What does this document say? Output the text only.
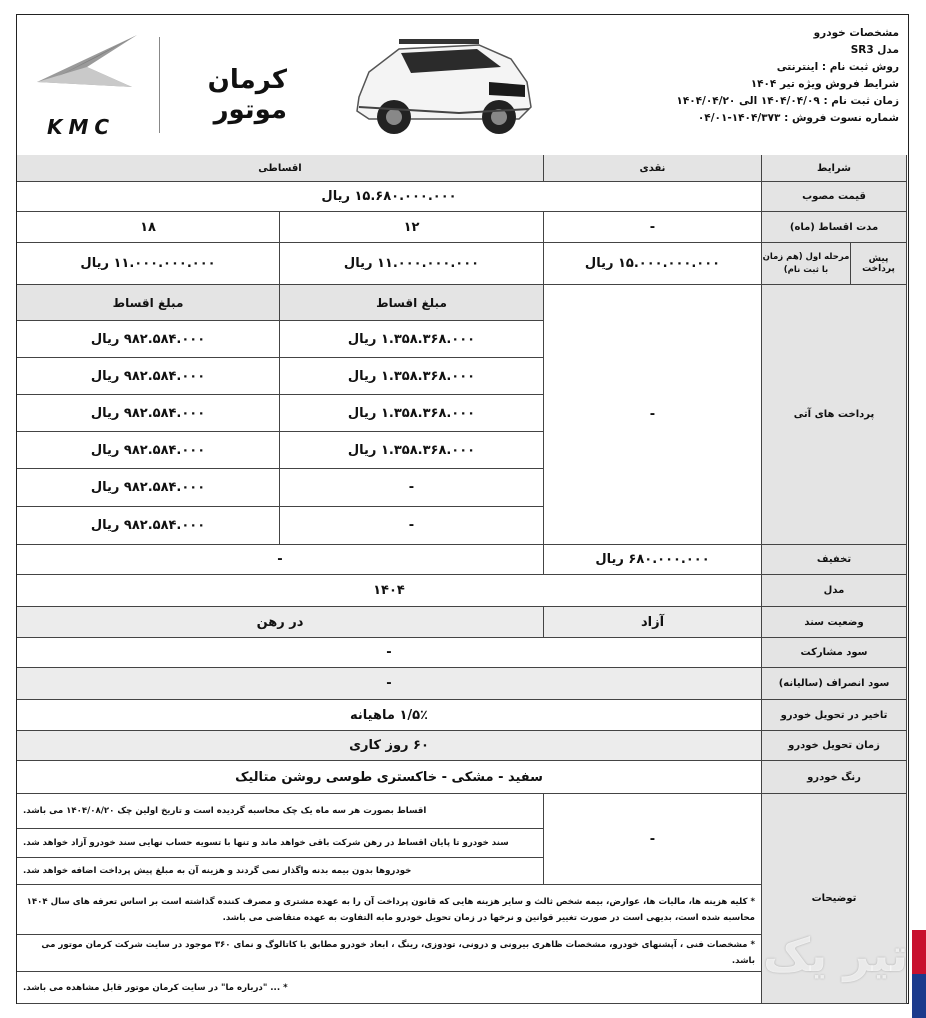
KMC
کرمان موتور
مشخصات خودرو
مدل SR3
روش ثبت نام : اینترنتی
شرایط فروش ویژه تیر ۱۴۰۴
زمان ثبت نام : ۱۴۰۴/۰۴/۰۹ الی ۱۴۰۴/۰۴/۲۰
شماره نسوت فروش : ۱۴۰۴/۳۷۳-۰۴/۰۱
شرایط
نقدی
اقساطی
قیمت مصوب
۱۵.۶۸۰.۰۰۰.۰۰۰ ریال
مدت اقساط (ماه)
-
۱۲
۱۸
پیش پرداخت
مرحله اول (هم زمان با ثبت نام)
۱۵.۰۰۰.۰۰۰.۰۰۰ ریال
۱۱.۰۰۰.۰۰۰.۰۰۰ ریال
۱۱.۰۰۰.۰۰۰.۰۰۰ ریال
پرداخت های آتی
-
مبلغ اقساط
مبلغ اقساط
۱.۳۵۸.۳۶۸.۰۰۰ ریال
۱.۳۵۸.۳۶۸.۰۰۰ ریال
۱.۳۵۸.۳۶۸.۰۰۰ ریال
۱.۳۵۸.۳۶۸.۰۰۰ ریال
-
-
۹۸۲.۵۸۴.۰۰۰ ریال
۹۸۲.۵۸۴.۰۰۰ ریال
۹۸۲.۵۸۴.۰۰۰ ریال
۹۸۲.۵۸۴.۰۰۰ ریال
۹۸۲.۵۸۴.۰۰۰ ریال
۹۸۲.۵۸۴.۰۰۰ ریال
تخفیف
۶۸۰.۰۰۰.۰۰۰ ریال
-
مدل
۱۴۰۴
وضعیت سند
آزاد
در رهن
سود مشارکت
-
سود انصراف (سالیانه)
-
تاخیر در تحویل خودرو
۱/۵٪ ماهیانه
زمان تحویل خودرو
۶۰ روز کاری
رنگ خودرو
سفید - مشکی - خاکستری طوسی روشن متالیک
توضیحات
-
اقساط بصورت هر سه ماه یک چک محاسبه گردیده است و تاریخ اولین چک ۱۴۰۴/۰۸/۲۰ می باشد.
سند خودرو تا پایان اقساط در رهن شرکت باقی خواهد ماند و تنها با تسویه حساب نهایی سند خودرو آزاد خواهد شد.
خودروها بدون بیمه بدنه واگذار نمی گردند و هزینه آن به مبلغ پیش پرداخت اضافه خواهد شد.
* کلیه هزینه ها، مالیات ها، عوارض، بیمه شخص ثالث و سایر هزینه هایی که قانون پرداخت آن را به عهده مشتری و مصرف کننده گذاشته است بر اساس تعرفه های سال ۱۴۰۴ محاسبه شده است، بدیهی است در صورت تغییر قوانین و نرخها در زمان تحویل خودرو مابه التفاوت به عهده متقاضی می باشد.
* مشخصات فنی ، آپشنهای خودرو، مشخصات ظاهری بیرونی و درونی، تودوزی، رینگ ، ابعاد خودرو مطابق با کاتالوگ و نمای ۳۶۰ موجود در سایت شرکت کرمان موتور می باشد.
* ... "درباره ما" در سایت کرمان موتور قابل مشاهده می باشد.
تیر یک
